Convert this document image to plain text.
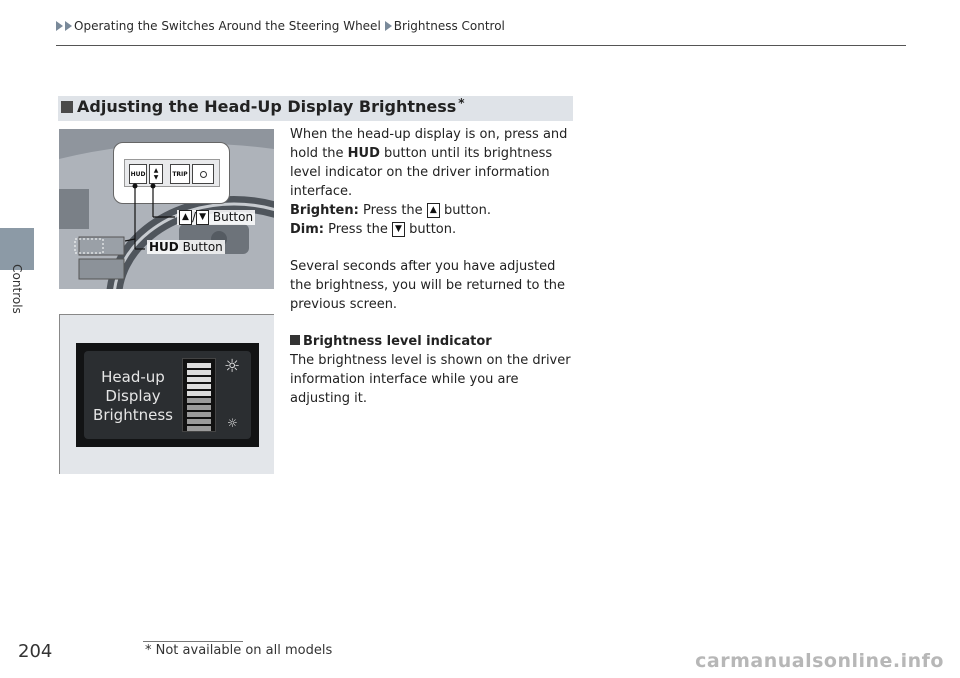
Operating the Switches Around the Steering Wheel Brightness Control
Controls
Adjusting the Head-Up Display Brightness *
HUD ▲
▼	TRIP
▲ / ▼ Button
HUD Button

When the head-up display is on, press and hold the HUD button until its brightness level indicator on the driver information interface.

Brighten: Press the ▲ button.

Dim: Press the ▼ button.

Several seconds after you have adjusted the brightness, you will be returned to the previous screen.

Brightness level indicator

The brightness level is shown on the driver information interface while you are adjusting it.

Head-up
Display
Brightness
☼
☼
204	* Not available on all models	carmanualsonline.info
